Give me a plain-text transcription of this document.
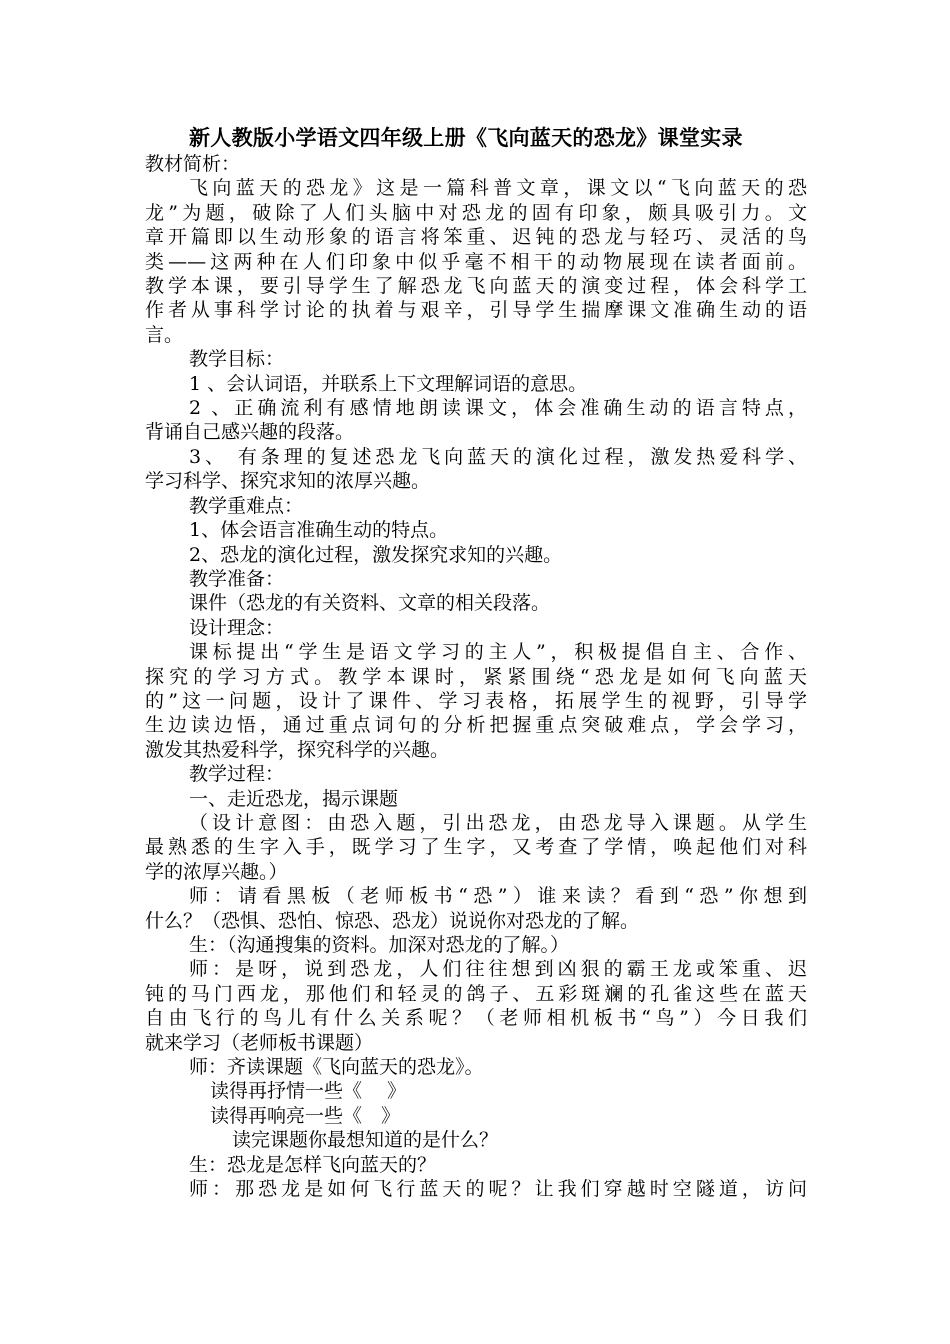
新人教版小学语文四年级上册《飞向蓝天的恐龙》课堂实录
教材简析：
飞向蓝天的恐龙》这是一篇科普文章，课文以“飞向蓝天的恐
龙”为题，破除了人们头脑中对恐龙的固有印象，颇具吸引力。文
章开篇即以生动形象的语言将笨重、迟钝的恐龙与轻巧、灵活的鸟
类——这两种在人们印象中似乎毫不相干的动物展现在读者面前。
教学本课，要引导学生了解恐龙飞向蓝天的演变过程，体会科学工
作者从事科学讨论的执着与艰辛，引导学生揣摩课文准确生动的语
言。
教学目标：
1 、会认词语，并联系上下文理解词语的意思。
2 、正确流利有感情地朗读课文，体会准确生动的语言特点，
背诵自己感兴趣的段落。
3、 有条理的复述恐龙飞向蓝天的演化过程，激发热爱科学、
学习科学、探究求知的浓厚兴趣。
教学重难点：
1、体会语言准确生动的特点。
2、恐龙的演化过程，激发探究求知的兴趣。
教学准备：
课件（恐龙的有关资料、文章的相关段落。
设计理念：
课标提出“学生是语文学习的主人”，积极提倡自主、合作、
探究的学习方式。教学本课时，紧紧围绕“恐龙是如何飞向蓝天
的”这一问题，设计了课件、学习表格，拓展学生的视野，引导学
生边读边悟，通过重点词句的分析把握重点突破难点，学会学习，
激发其热爱科学，探究科学的兴趣。
教学过程：
一、走近恐龙，揭示课题
（设计意图：由恐入题，引出恐龙，由恐龙导入课题。从学生
最熟悉的生字入手，既学习了生字，又考查了学情，唤起他们对科
学的浓厚兴趣。）
师：请看黑板（老师板书“恐”）谁来读？看到“恐”你想到
什么？（恐惧、恐怕、惊恐、恐龙）说说你对恐龙的了解。
生：（沟通搜集的资料。加深对恐龙的了解。）
师：是呀，说到恐龙，人们往往想到凶狠的霸王龙或笨重、迟
钝的马门西龙，那他们和轻灵的鸽子、五彩斑斓的孔雀这些在蓝天
自由飞行的鸟儿有什么关系呢？（老师相机板书“鸟”）今日我们
就来学习（老师板书课题）
师：齐读课题《飞向蓝天的恐龙》。
读得再抒情一些《　 》
读得再响亮一些《　》
读完课题你最想知道的是什么？
生：恐龙是怎样飞向蓝天的？
师：那恐龙是如何飞行蓝天的呢？让我们穿越时空隧道，访问
